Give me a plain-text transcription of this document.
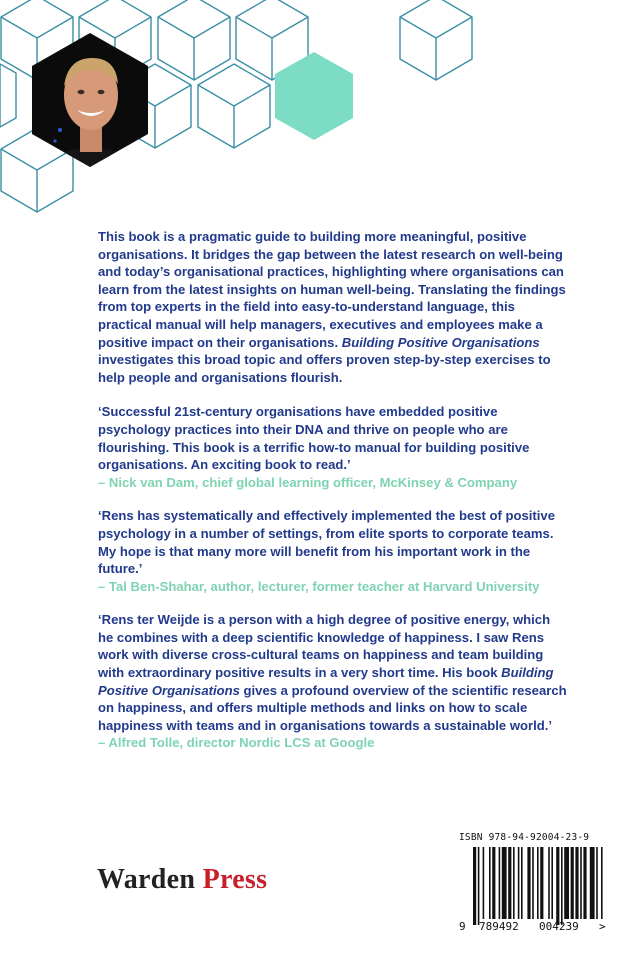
This book is a pragmatic guide to building more meaningful, positive organisations. It bridges the gap between the latest research on well-being and today’s organisational practices, highlighting where organisations can learn from the latest insights on human well-being. Translating the findings from top experts in the field into easy-to-understand language, this practical manual will help managers, executives and employees make a positive impact on their organisations. Building Positive Organisations investigates this broad topic and offers proven step-by-step exercises to help people and organisations flourish.

‘Successful 21st-century organisations have embedded positive psychology practices into their DNA and thrive on people who are flourishing. This book is a terrific how-to manual for building positive organisations. An exciting book to read.’

– Nick van Dam, chief global learning officer, McKinsey & Company

‘Rens has systematically and effectively implemented the best of positive psychology in a number of settings, from elite sports to corporate teams. My hope is that many more will benefit from his important work in the future.’

– Tal Ben-Shahar, author, lecturer, former teacher at Harvard University

‘Rens ter Weijde is a person with a high degree of positive energy, which he combines with a deep scientific knowledge of happiness. I saw Rens work with diverse cross-cultural teams on happiness and team building with extraordinary positive results in a very short time. His book Building Positive Organisations gives a profound overview of the scientific research on happiness, and offers multiple methods and links on how to scale happiness with teams and in organisations towards a sustainable world.’

– Alfred Tolle, director Nordic LCS at Google

Warden Press
ISBN 978-94-92004-23-9
9 789492 004239 >
